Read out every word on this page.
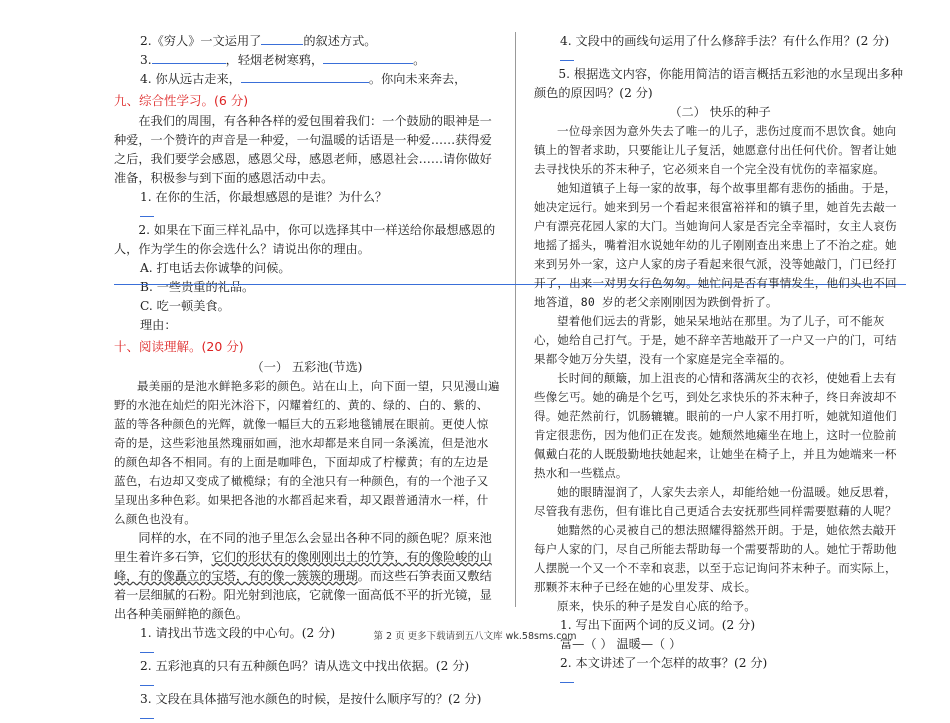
2.《穷人》一文运用了	的叙述方式。

3.	，轻烟老树寒鸦，	。

4. 你从远古走来，	。你向未来奔去，

九、综合性学习。(6 分)

在我们的周围，有各种各样的爱包围着我们：一个鼓励的眼神是一种爱，一个赞许的声音是一种爱，一句温暖的话语是一种爱……获得爱之后，我们要学会感恩，感恩父母，感恩老师，感恩社会……请你做好准备，积极参与到下面的感恩活动中去。

1. 在你的生活，你最想感恩的是谁？为什么？

2. 如果在下面三样礼品中，你可以选择其中一样送给你最想感恩的人，作为学生的你会选什么？请说出你的理由。

A. 打电话去你诚挚的问候。

B. 一些贵重的礼品。

C. 吃一顿美食。

理由：

十、阅读理解。(20 分)

（一） 五彩池(节选)

最美丽的是池水鲜艳多彩的颜色。站在山上，向下面一望，只见漫山遍野的水池在灿烂的阳光沐浴下，闪耀着红的、黄的、绿的、白的、紫的、蓝的等各种颜色的光辉，就像一幅巨大的五彩地毯铺展在眼前。更使人惊奇的是，这些彩池虽然瑰丽如画，池水却都是来自同一条溪流，但是池水的颜色却各不相同。有的上面是咖啡色，下面却成了柠檬黄；有的左边是蓝色，右边却又变成了橄榄绿；有的全池只有一种颜色，有的一个池子又呈现出多种色彩。如果把各池的水都舀起来看，却又跟普通清水一样，什么颜色也没有。

同样的水，在不同的池子里怎么会显出各种不同的颜色呢？原来池里生着许多石笋，它们的形状有的像刚刚出土的竹笋，有的像险峻的山峰，有的像矗立的宝塔，有的像一簇簇的珊瑚。而这些石笋表面又敷结着一层细腻的石粉。阳光射到池底，它就像一面高低不平的折光镜，显出各种美丽鲜艳的颜色。

1. 请找出节选文段的中心句。(2 分)

2. 五彩池真的只有五种颜色吗？请从选文中找出依据。(2 分)

3. 文段在具体描写池水颜色的时候，是按什么顺序写的？(2 分)

4. 文段中的画线句运用了什么修辞手法？有什么作用？(2 分)

5. 根据选文内容，你能用简洁的语言概括五彩池的水呈现出多种颜色的原因吗？(2 分)

（二） 快乐的种子

一位母亲因为意外失去了唯一的儿子，悲伤过度而不思饮食。她向镇上的智者求助，只要能让儿子复活，她愿意付出任何代价。智者让她去寻找快乐的芥末种子，它必须来自一个完全没有忧伤的幸福家庭。

她知道镇子上每一家的故事，每个故事里都有悲伤的插曲。于是，她决定远行。她来到另一个看起来很富裕祥和的镇子里，她首先去敲一户有漂亮花园人家的大门。当她询问人家是否完全幸福时，女主人哀伤地摇了摇头，嘴着泪水说她年幼的儿子刚刚查出来患上了不治之症。她来到另外一家，这户人家的房子看起来很气派，没等她敲门，门已经打开了，出来一对男女行色匆匆。她忙问是否有事情发生，他们头也不回地答道，80 岁的老父亲刚刚因为跌倒骨折了。

望着他们远去的背影，她呆呆地站在那里。为了儿子，可不能灰心，她给自己打气。于是，她不辞辛苦地敲开了一户又一户的门，可结果都令她万分失望，没有一个家庭是完全幸福的。

长时间的颠簸，加上沮丧的心情和落满灰尘的衣衫，使她看上去有些像乞丐。她的确是个乞丐，到处乞求快乐的芥末种子，终日奔波却不得。她茫然前行，饥肠辘辘。眼前的一户人家不用打听，她就知道他们肯定很悲伤，因为他们正在发丧。她颓然地瘫坐在地上，这时一位脸前佩戴白花的人既殷勤地扶她起来，让她坐在椅子上，并且为她端来一杯热水和一些糕点。

她的眼睛湿润了，人家失去亲人，却能给她一份温暖。她反思着，尽管我有悲伤，但有谁比自己更适合去安抚那些同样需要慰藉的人呢？

她黯然的心灵被自己的想法照耀得豁然开朗。于是，她依然去敲开每户人家的门，尽自己所能去帮助每一个需要帮助的人。她忙于帮助他人摆脱一个又一个不幸和哀悲，以至于忘记询问芥末种子。而实际上，那颗芥末种子已经在她的心里发芽、成长。

原来，快乐的种子是发自心底的给予。

1. 写出下面两个词的反义词。(2 分)

富—（ ） 温暖—（ ）

2. 本文讲述了一个怎样的故事？(2 分)

第 2 页 更多下载请到五八文库 wk.58sms.com
